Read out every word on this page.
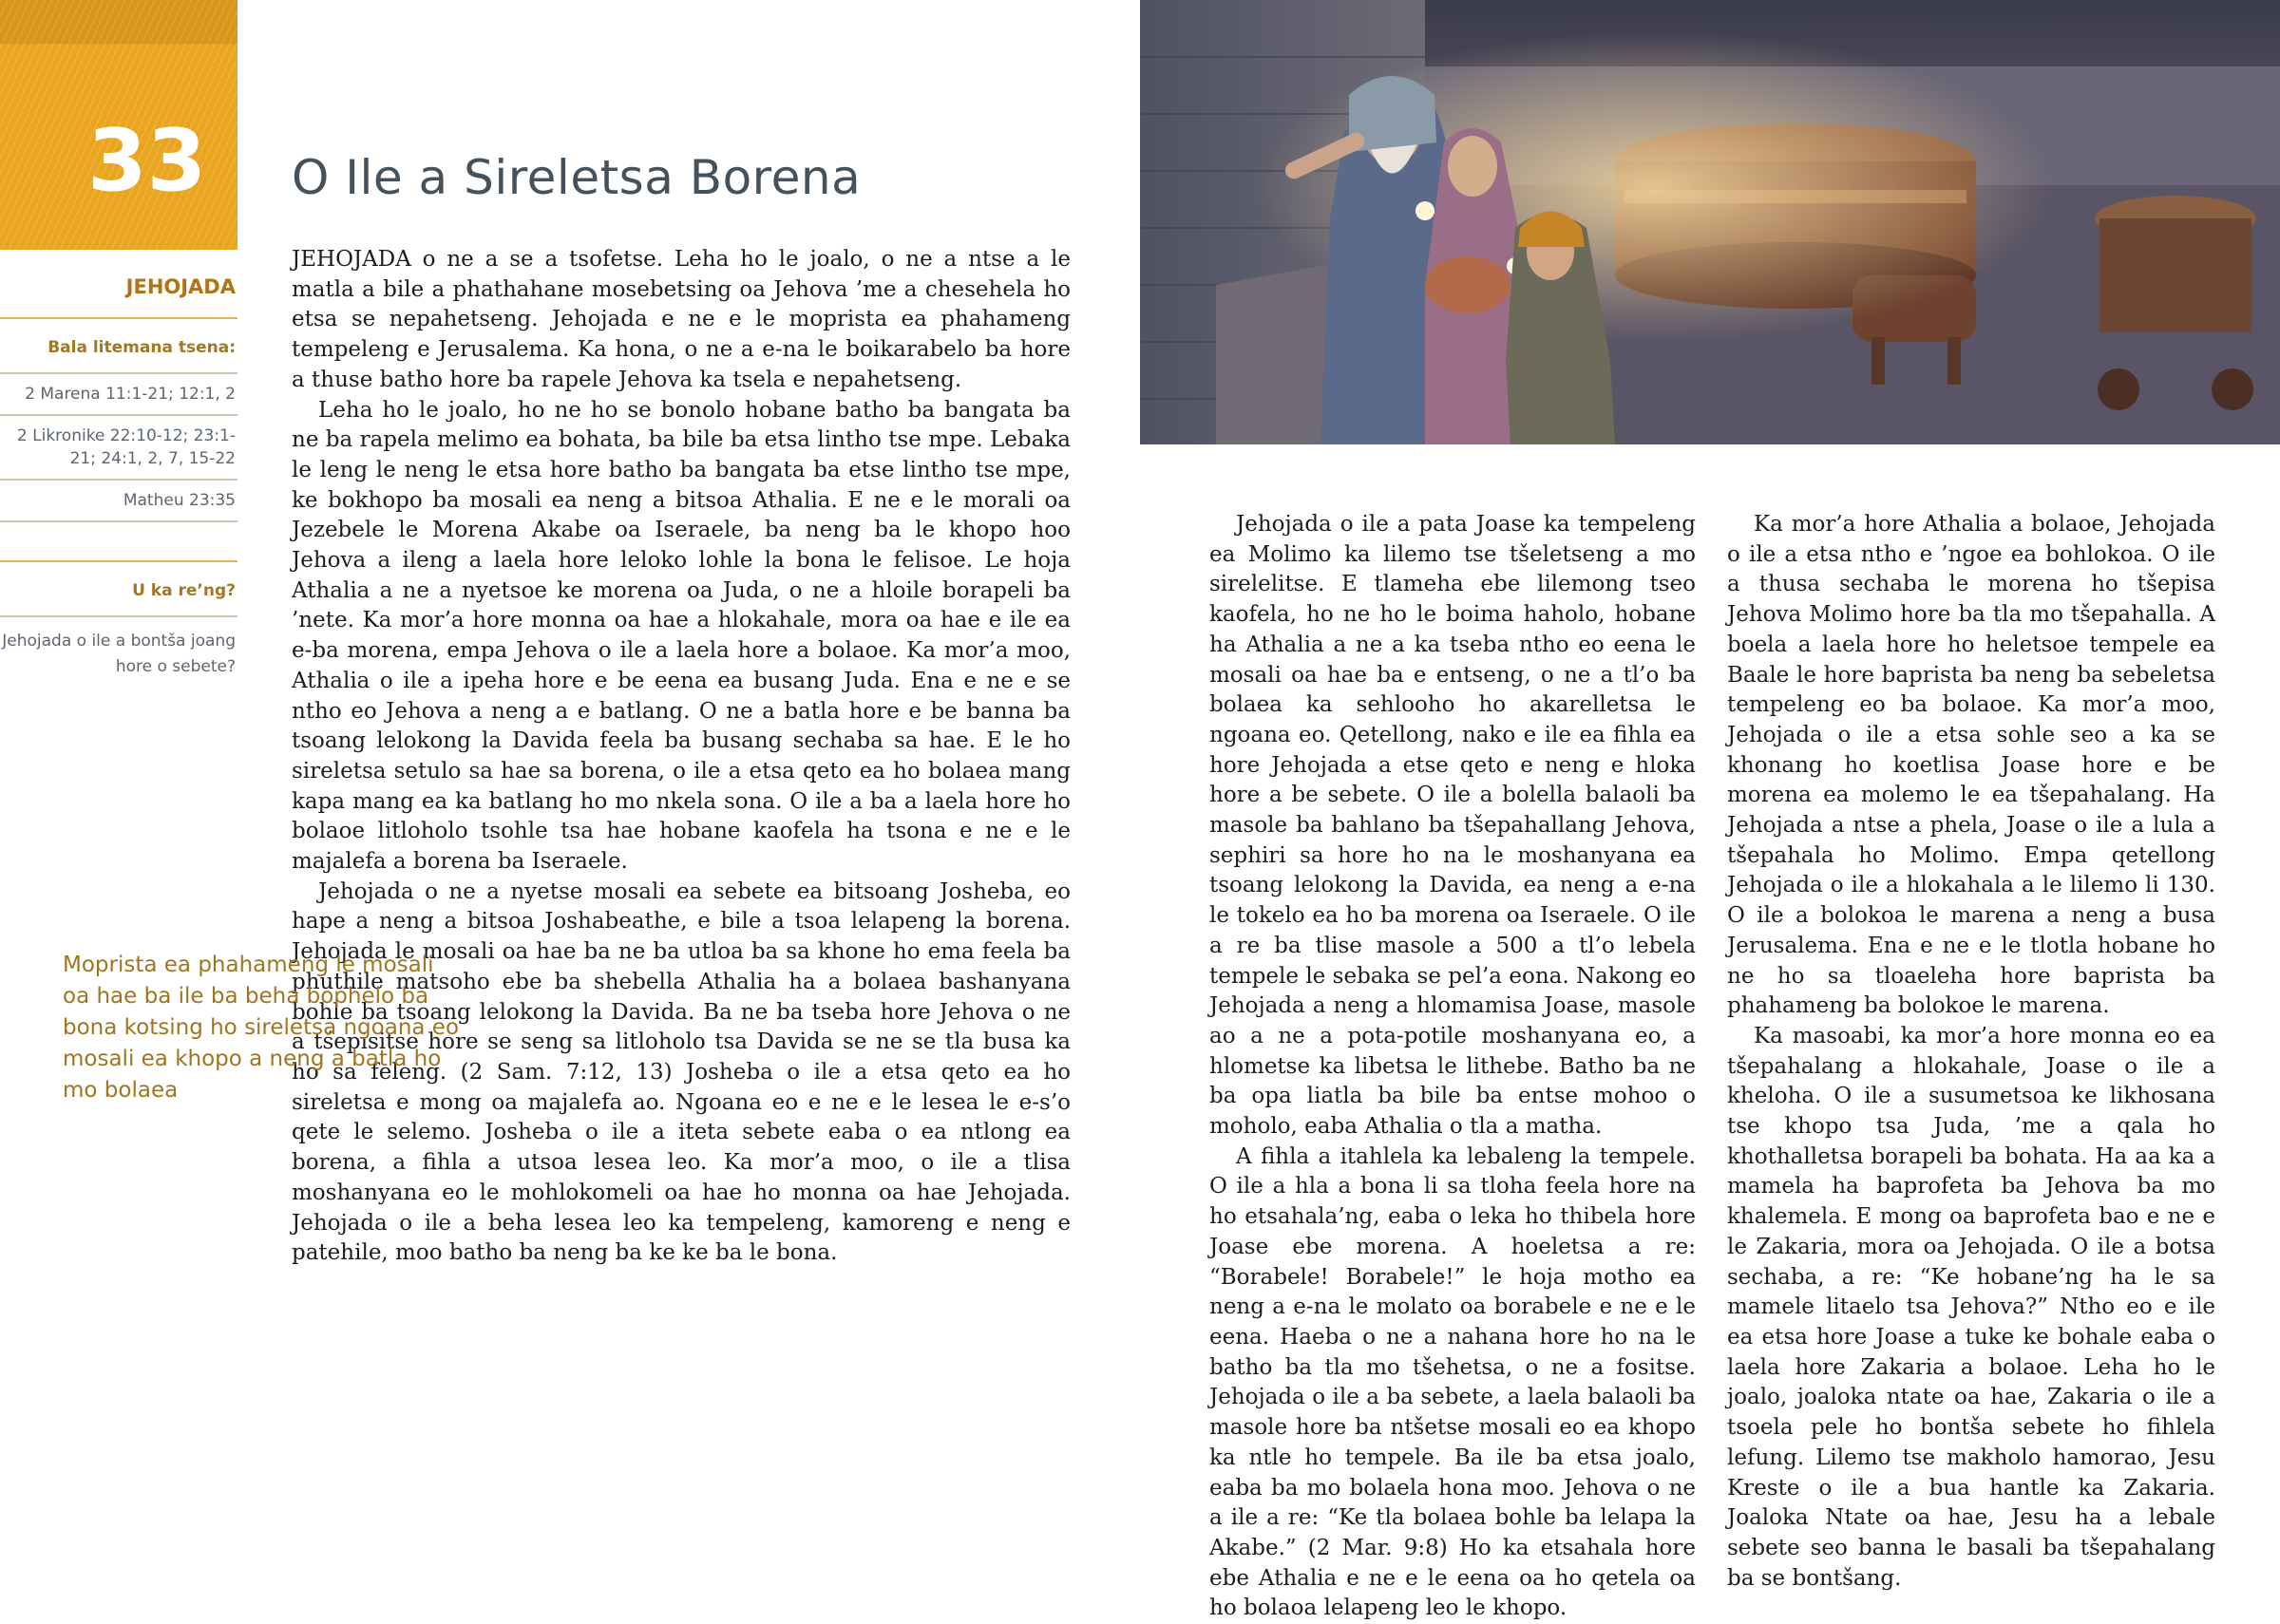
33
JEHOJADA
Bala litemana tsena:
2 Marena 11:1-21; 12:1, 2
2 Likronike 22:10-12; 23:1-21; 24:1, 2, 7, 15-22
Matheu 23:35
U ka re’ng?
Jehojada o ile a bontša joang hore o sebete?
O Ile a Sireletsa Borena

JEHOJADA o ne a se a tsofetse. Leha ho le joalo, o ne a ntse a le matla a bile a phathahane mosebetsing oa Jehova ’me a chesehela ho etsa se nepahetseng. Jehojada e ne e le moprista ea phahameng tempeleng e Jerusalema. Ka hona, o ne a e-na le boikarabelo ba hore a thuse batho hore ba rapele Jehova ka tsela e nepahetseng.

Leha ho le joalo, ho ne ho se bonolo hobane batho ba bangata ba ne ba rapela melimo ea bohata, ba bile ba etsa lintho tse mpe. Lebaka le leng le neng le etsa hore batho ba bangata ba etse lintho tse mpe, ke bokhopo ba mosali ea neng a bitsoa Athalia. E ne e le morali oa Jezebele le Morena Akabe oa Iseraele, ba neng ba le khopo hoo Jehova a ileng a laela hore leloko lohle la bona le felisoe. Le hoja Athalia a ne a nyetsoe ke morena oa Juda, o ne a hloile borapeli ba ’nete. Ka mor’a hore monna oa hae a hlokahale, mora oa hae e ile ea e-ba morena, empa Jehova o ile a laela hore a bolaoe. Ka mor’a moo, Athalia o ile a ipeha hore e be eena ea busang Juda. Ena e ne e se ntho eo Jehova a neng a e batlang. O ne a batla hore e be banna ba tsoang lelokong la Davida feela ba busang sechaba sa hae. E le ho sireletsa setulo sa hae sa borena, o ile a etsa qeto ea ho bolaea mang kapa mang ea ka batlang ho mo nkela sona. O ile a ba a laela hore ho bolaoe litloholo tsohle tsa hae hobane kaofela ha tsona e ne e le majalefa a borena ba Iseraele.

Jehojada o ne a nyetse mosali ea sebete ea bitsoang Josheba, eo hape a neng a bitsoa Joshabeathe, e bile a tsoa lelapeng la borena. Jehojada le mosali oa hae ba ne ba utloa ba sa khone ho ema feela ba phuthile matsoho ebe ba shebella Athalia ha a bolaea bashanyana bohle ba tsoang lelokong la Davida. Ba ne ba tseba hore Jehova o ne a tšepisitse hore se seng sa litloholo tsa Davida se ne se tla busa ka ho sa feleng. (2 Sam. 7:12, 13) Josheba o ile a etsa qeto ea ho sireletsa e mong oa majalefa ao. Ngoana eo e ne e le lesea le e-s’o qete le selemo. Josheba o ile a iteta sebete eaba o ea ntlong ea borena, a fihla a utsoa lesea leo. Ka mor’a moo, o ile a tlisa moshanyana eo le mohlokomeli oa hae ho monna oa hae Jehojada. Jehojada o ile a beha lesea leo ka tempeleng, kamoreng e neng e patehile, moo batho ba neng ba ke ke ba le bona.

Moprista ea phahameng le mosali oa hae ba ile ba beha bophelo ba bona kotsing ho sireletsa ngoana eo mosali ea khopo a neng a batla ho mo bolaea

Jehojada o ile a pata Joase ka tempeleng ea Molimo ka lilemo tse tšeletseng a mo sirelelitse. E tlameha ebe lilemong tseo kaofela, ho ne ho le boima haholo, hobane ha Athalia a ne a ka tseba ntho eo eena le mosali oa hae ba e entseng, o ne a tl’o ba bolaea ka sehlooho ho akarelletsa le ngoana eo. Qetellong, nako e ile ea fihla ea hore Jehojada a etse qeto e neng e hloka hore a be sebete. O ile a bolella balaoli ba masole ba bahlano ba tšepahallang Jehova, sephiri sa hore ho na le moshanyana ea tsoang lelokong la Davida, ea neng a e-na le tokelo ea ho ba morena oa Iseraele. O ile a re ba tlise masole a 500 a tl’o lebela tempele le sebaka se pel’a eona. Nakong eo Jehojada a neng a hlomamisa Joase, masole ao a ne a pota-potile moshanyana eo, a hlometse ka libetsa le lithebe. Batho ba ne ba opa liatla ba bile ba entse mohoo o moholo, eaba Athalia o tla a matha.

A fihla a itahlela ka lebaleng la tempele. O ile a hla a bona li sa tloha feela hore na ho etsahala’ng, eaba o leka ho thibela hore Joase ebe morena. A hoeletsa a re: “Borabele! Borabele!” le hoja motho ea neng a e-na le molato oa borabele e ne e le eena. Haeba o ne a nahana hore ho na le batho ba tla mo tšehetsa, o ne a fositse. Jehojada o ile a ba sebete, a laela balaoli ba masole hore ba ntšetse mosali eo ea khopo ka ntle ho tempele. Ba ile ba etsa joalo, eaba ba mo bolaela hona moo. Jehova o ne a ile a re: “Ke tla bolaea bohle ba lelapa la Akabe.” (2 Mar. 9:8) Ho ka etsahala hore ebe Athalia e ne e le eena oa ho qetela oa ho bolaoa lelapeng leo le khopo.

Ka mor’a hore Athalia a bolaoe, Jehojada o ile a etsa ntho e ’ngoe ea bohlokoa. O ile a thusa sechaba le morena ho tšepisa Jehova Molimo hore ba tla mo tšepahalla. A boela a laela hore ho heletsoe tempele ea Baale le hore baprista ba neng ba sebeletsa tempeleng eo ba bolaoe. Ka mor’a moo, Jehojada o ile a etsa sohle seo a ka se khonang ho koetlisa Joase hore e be morena ea molemo le ea tšepahalang. Ha Jehojada a ntse a phela, Joase o ile a lula a tšepahala ho Molimo. Empa qetellong Jehojada o ile a hlokahala a le lilemo li 130. O ile a bolokoa le marena a neng a busa Jerusalema. Ena e ne e le tlotla hobane ho ne ho sa tloaeleha hore baprista ba phahameng ba bolokoe le marena.

Ka masoabi, ka mor’a hore monna eo ea tšepahalang a hlokahale, Joase o ile a kheloha. O ile a susumetsoa ke likhosana tse khopo tsa Juda, ’me a qala ho khothalletsa borapeli ba bohata. Ha aa ka a mamela ha baprofeta ba Jehova ba mo khalemela. E mong oa baprofeta bao e ne e le Zakaria, mora oa Jehojada. O ile a botsa sechaba, a re: “Ke hobane’ng ha le sa mamele litaelo tsa Jehova?” Ntho eo e ile ea etsa hore Joase a tuke ke bohale eaba o laela hore Zakaria a bolaoe. Leha ho le joalo, joaloka ntate oa hae, Zakaria o ile a tsoela pele ho bontša sebete ho fihlela lefung. Lilemo tse makholo hamorao, Jesu Kreste o ile a bua hantle ka Zakaria. Joaloka Ntate oa hae, Jesu ha a lebale sebete seo banna le basali ba tšepahalang ba se bontšang.
